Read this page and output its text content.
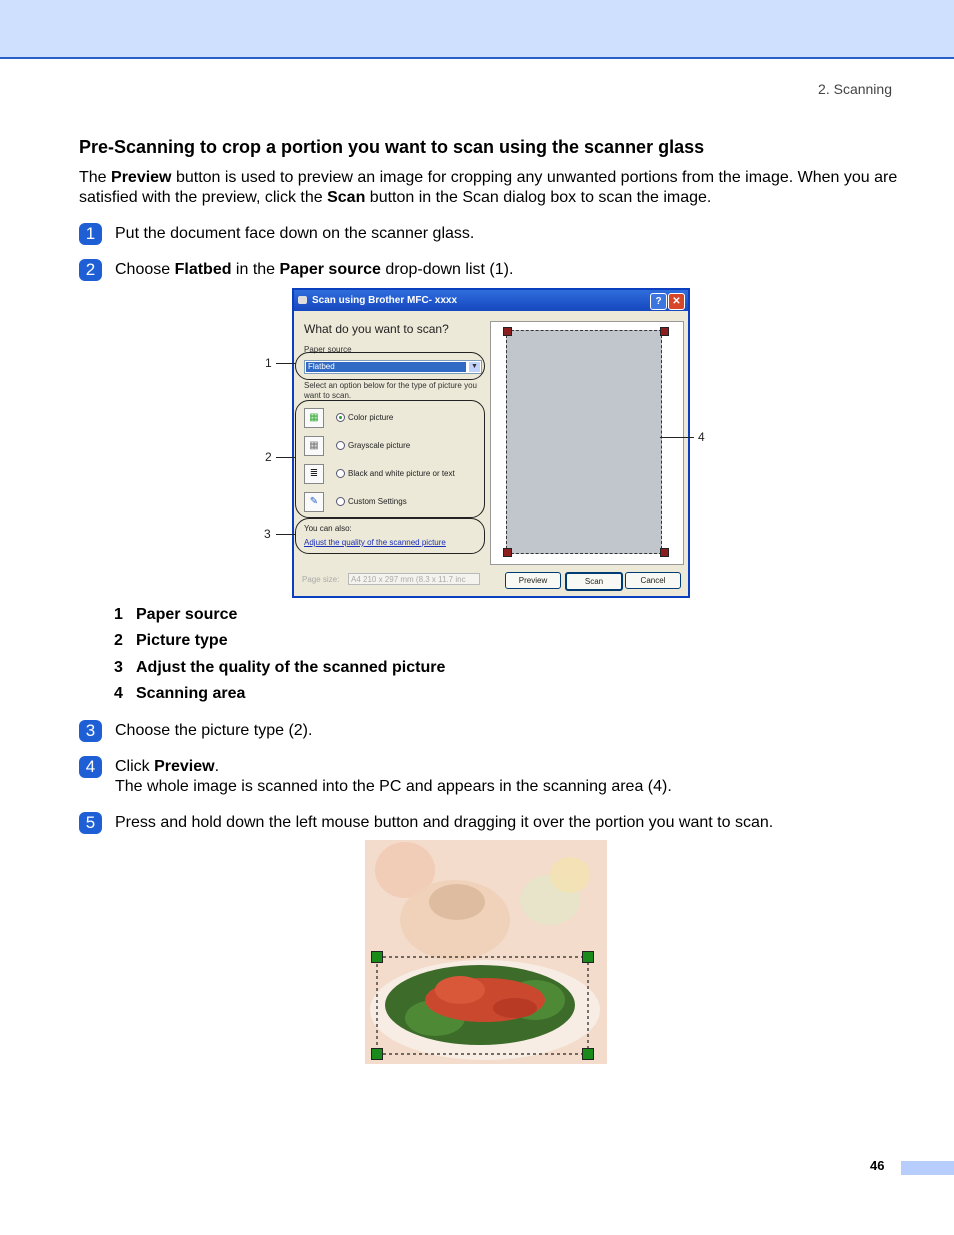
2. Scanning
Pre-Scanning to crop a portion you want to scan using the scanner glass
The Preview button is used to preview an image for cropping any unwanted portions from the image. When you are satisfied with the preview, click the Scan button in the Scan dialog box to scan the image.
1	Put the document face down on the scanner glass.
2	Choose Flatbed in the Paper source drop-down list (1).
Scan using Brother MFC- xxxx	?	✕
What do you want to scan?
Paper source
Flatbed	▼
Select an option below for the type of picture you want to scan.
▦	Color picture
▦	Grayscale picture
≣	Black and white picture or text
✎	Custom Settings
You can also:
Adjust the quality of the scanned picture
Page size:	A4 210 x 297 mm (8.3 x 11.7 inc	Preview	Scan	Cancel
1
2
3
4
1 Paper source
2 Picture type
3 Adjust the quality of the scanned picture
4 Scanning area
3	Choose the picture type (2).
4	Click Preview.
The whole image is scanned into the PC and appears in the scanning area (4).
5	Press and hold down the left mouse button and dragging it over the portion you want to scan.
46
